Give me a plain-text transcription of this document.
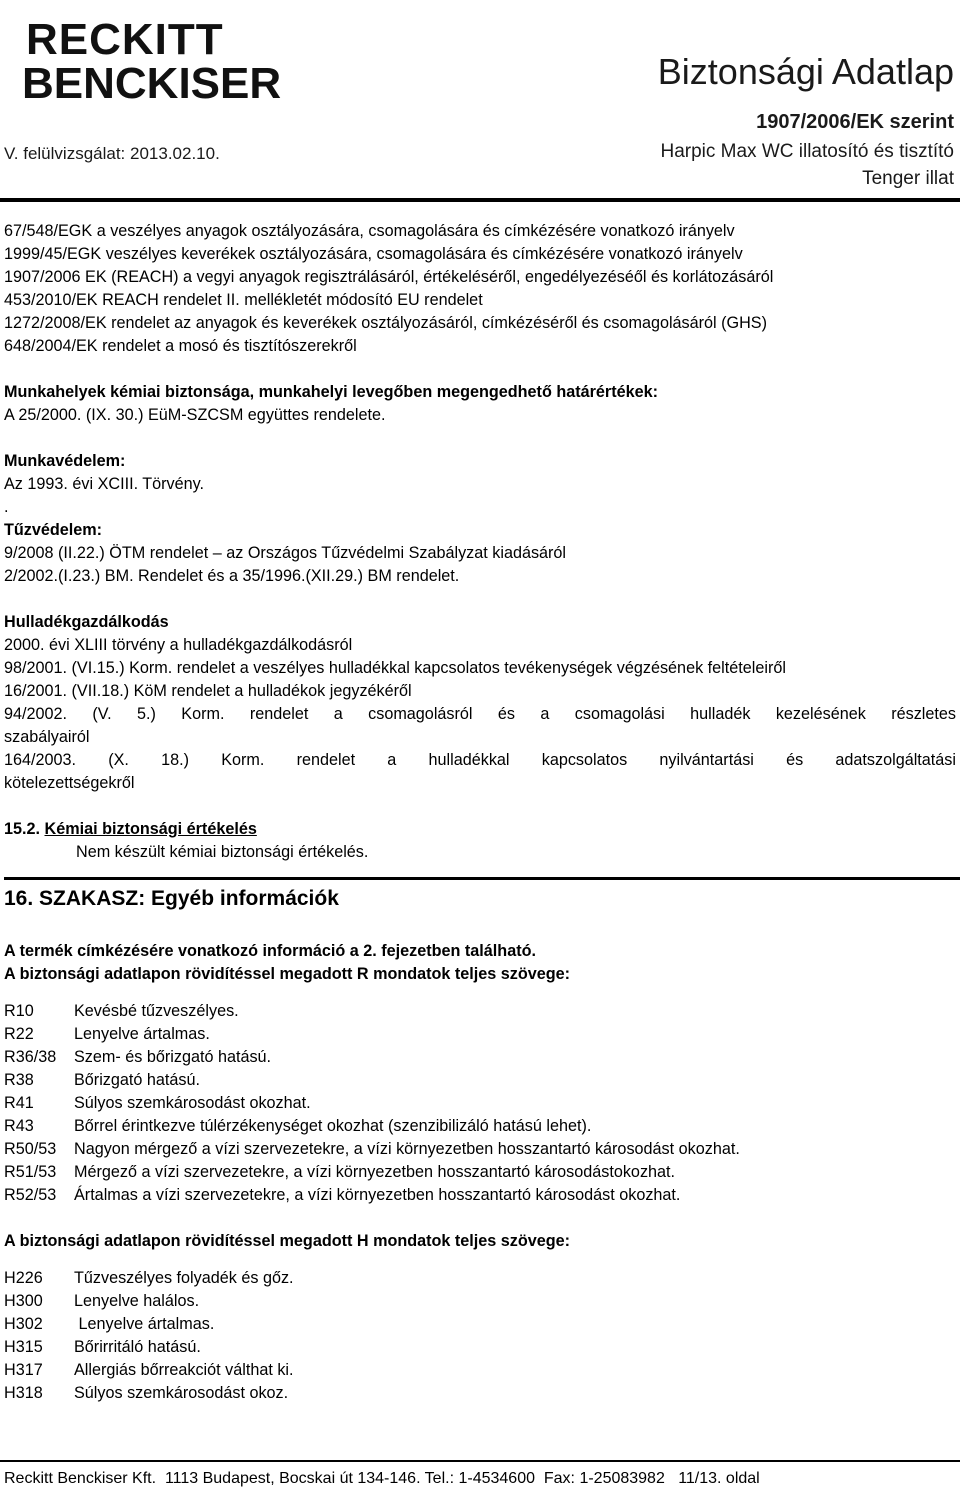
RECKITT
BENCKISER
V. felülvizsgálat: 2013.02.10.
Biztonsági Adatlap
1907/2006/EK szerint
Harpic Max WC illatosító és tisztító
Tenger illat
67/548/EGK a veszélyes anyagok osztályozására, csomagolására és címkézésére vonatkozó irányelv
1999/45/EGK veszélyes keverékek osztályozására, csomagolására és címkézésére vonatkozó irányelv
1907/2006 EK (REACH) a vegyi anyagok regisztrálásáról, értékeléséről, engedélyezéséől és korlátozásáról
453/2010/EK REACH rendelet II. mellékletét módosító EU rendelet
1272/2008/EK rendelet az anyagok és keverékek osztályozásáról, címkézéséről és csomagolásáról (GHS)
648/2004/EK rendelet a mosó és tisztítószerekről
Munkahelyek kémiai biztonsága, munkahelyi levegőben megengedhető határértékek:
A 25/2000. (IX. 30.) EüM-SZCSM együttes rendelete.
Munkavédelem:
Az 1993. évi XCIII. Törvény.
.
Tűzvédelem:
9/2008 (II.22.) ÖTM rendelet – az Országos Tűzvédelmi Szabályzat kiadásáról
2/2002.(I.23.) BM. Rendelet és a 35/1996.(XII.29.) BM rendelet.
Hulladékgazdálkodás
2000. évi XLIII törvény a hulladékgazdálkodásról
98/2001. (VI.15.) Korm. rendelet a veszélyes hulladékkal kapcsolatos tevékenységek végzésének feltételeiről
16/2001. (VII.18.) KöM rendelet a hulladékok jegyzékéről
94/2002. (V. 5.) Korm. rendelet a csomagolásról és a csomagolási hulladék kezelésének részletes
szabályairól
164/2003. (X. 18.) Korm. rendelet a hulladékkal kapcsolatos nyilvántartási és adatszolgáltatási
kötelezettségekről
15.2. Kémiai biztonsági értékelés
Nem készült kémiai biztonsági értékelés.
16. SZAKASZ: Egyéb információk
A termék címkézésére vonatkozó információ a 2. fejezetben található.
A biztonsági adatlapon rövidítéssel megadott R mondatok teljes szövege:
R10	Kevésbé tűzveszélyes.
R22	Lenyelve ártalmas.
R36/38	Szem- és bőrizgató hatású.
R38	Bőrizgató hatású.
R41	Súlyos szemkárosodást okozhat.
R43	Bőrrel érintkezve túlérzékenységet okozhat (szenzibilizáló hatású lehet).
R50/53	Nagyon mérgező a vízi szervezetekre, a vízi környezetben hosszantartó károsodást okozhat.
R51/53	Mérgező a vízi szervezetekre, a vízi környezetben hosszantartó károsodástokozhat.
R52/53	Ártalmas a vízi szervezetekre, a vízi környezetben hosszantartó károsodást okozhat.
A biztonsági adatlapon rövidítéssel megadott H mondatok teljes szövege:
H226	Tűzveszélyes folyadék és gőz.
H300	Lenyelve halálos.
H302	Lenyelve ártalmas.
H315	Bőrirritáló hatású.
H317	Allergiás bőrreakciót válthat ki.
H318	Súlyos szemkárosodást okoz.
Reckitt Benckiser Kft.  1113 Budapest, Bocskai út 134-146. Tel.: 1-4534600  Fax: 1-25083982   11/13. oldal
